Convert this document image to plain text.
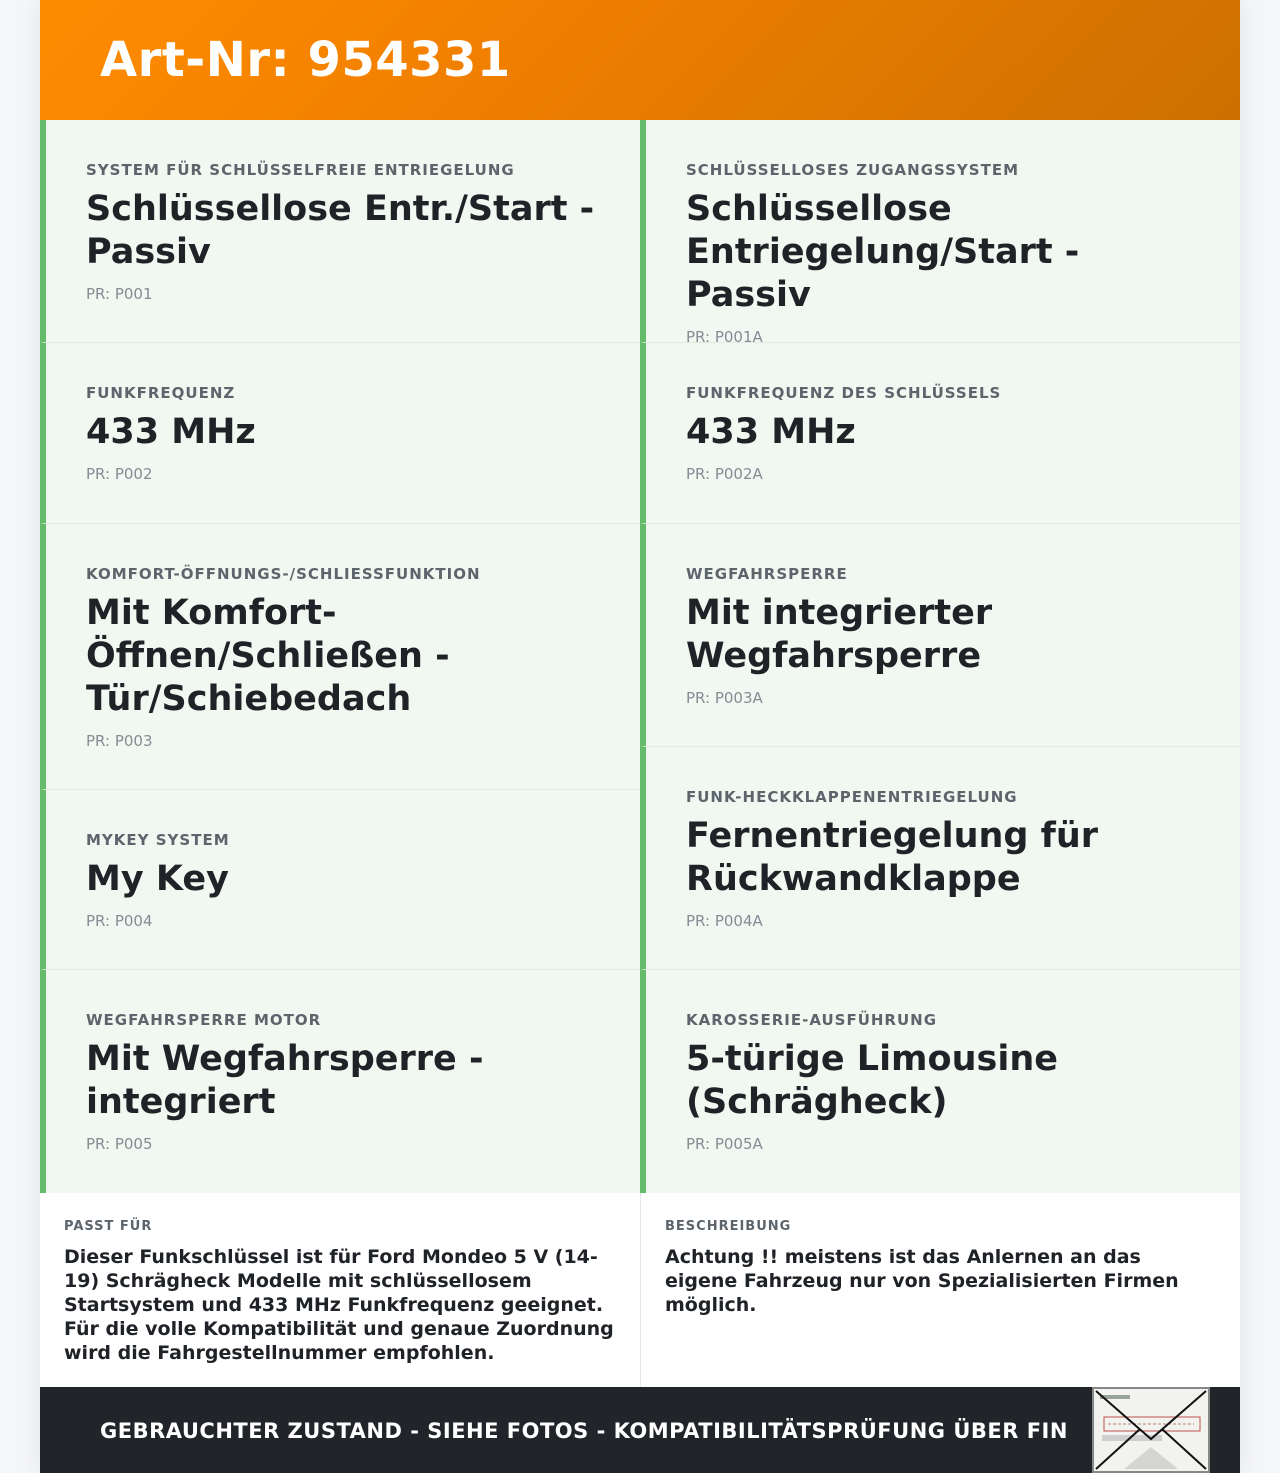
Art-Nr: 954331
SYSTEM FÜR SCHLÜSSELFREIE ENTRIEGELUNG
Schlüssellose Entr./Start - Passiv
PR: P001
FUNKFREQUENZ
433 MHz
PR: P002
KOMFORT-ÖFFNUNGS-/SCHLIESSFUNKTION
Mit Komfort-Öffnen/Schließen - Tür/Schiebedach
PR: P003
MYKEY SYSTEM
My Key
PR: P004
WEGFAHRSPERRE MOTOR
Mit Wegfahrsperre - integriert
PR: P005
SCHLÜSSELLOSES ZUGANGSSYSTEM
Schlüssellose Entriegelung/Start - Passiv
PR: P001A
FUNKFREQUENZ DES SCHLÜSSELS
433 MHz
PR: P002A
WEGFAHRSPERRE
Mit integrierter Wegfahrsperre
PR: P003A
FUNK-HECKKLAPPENENTRIEGELUNG
Fernentriegelung für Rückwandklappe
PR: P004A
KAROSSERIE-AUSFÜHRUNG
5-türige Limousine (Schrägheck)
PR: P005A
PASST FÜR
Dieser Funkschlüssel ist für Ford Mondeo 5 V (14-19) Schrägheck Modelle mit schlüssellosem Startsystem und 433 MHz Funkfrequenz geeignet. Für die volle Kompatibilität und genaue Zuordnung wird die Fahrgestellnummer empfohlen.
BESCHREIBUNG
Achtung !! meistens ist das Anlernen an das eigene Fahrzeug nur von Spezialisierten Firmen möglich.
GEBRAUCHTER ZUSTAND - SIEHE FOTOS - KOMPATIBILITÄTSPRÜFUNG ÜBER FIN
